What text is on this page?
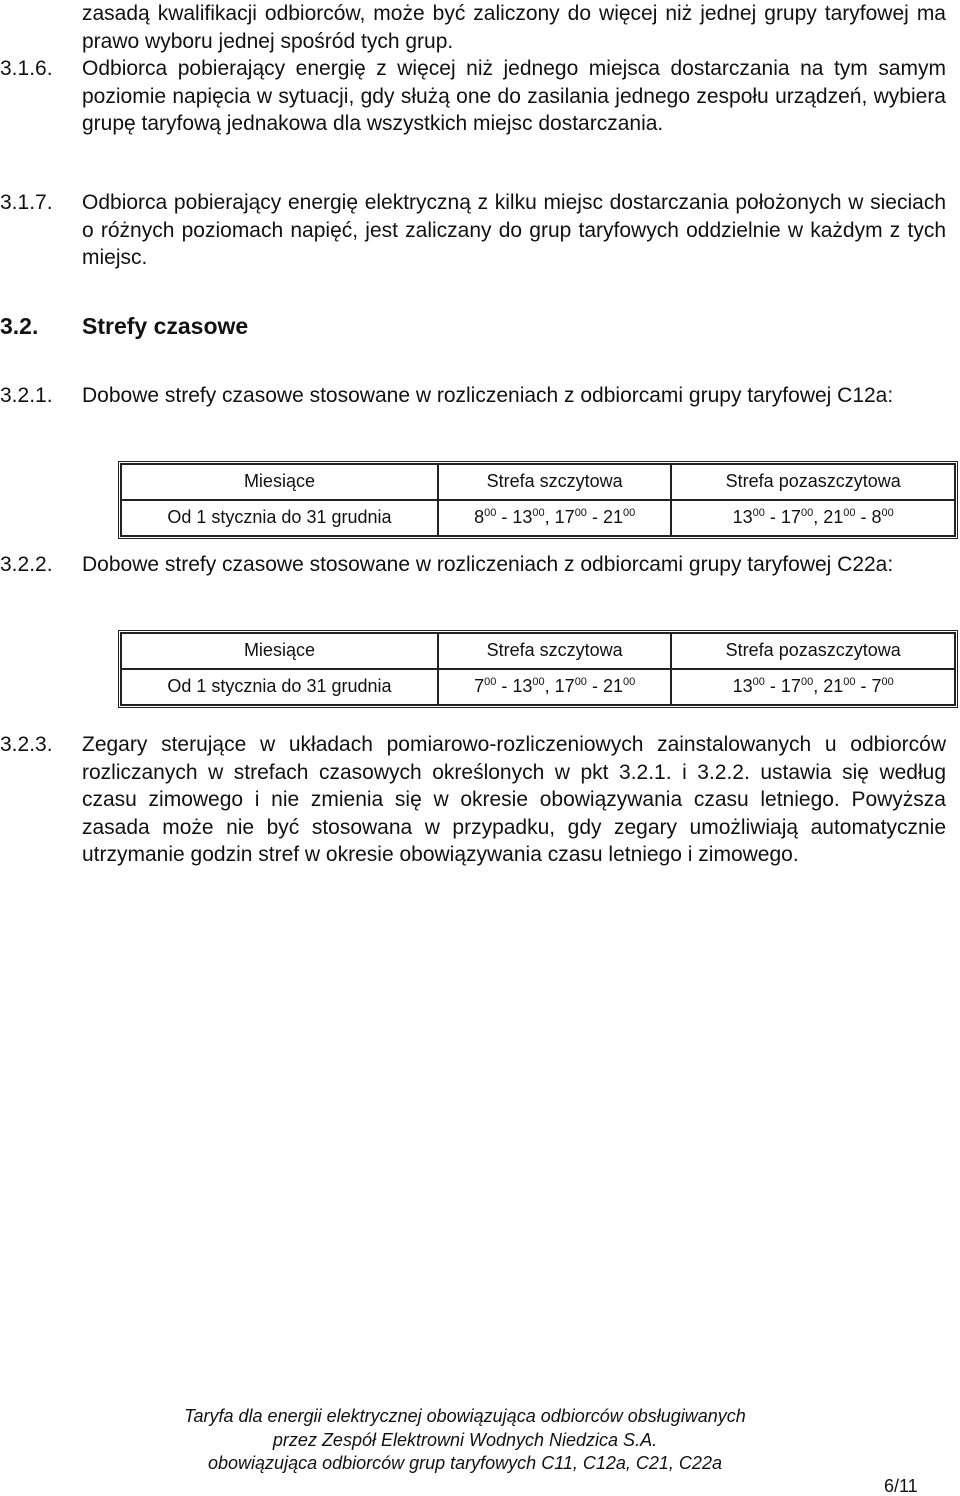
zasadą kwalifikacji odbiorców, może być zaliczony do więcej niż jednej grupy taryfowej ma prawo wyboru jednej spośród tych grup.
3.1.6.	Odbiorca pobierający energię z więcej niż jednego miejsca dostarczania na tym samym poziomie napięcia w sytuacji, gdy służą one do zasilania jednego zespołu urządzeń, wybiera grupę taryfową jednakowa dla wszystkich miejsc dostarczania.
3.1.7.	Odbiorca pobierający energię elektryczną z kilku miejsc dostarczania położonych w sieciach o różnych poziomach napięć, jest zaliczany do grup taryfowych oddzielnie w każdym z tych miejsc.
3.2.	Strefy czasowe
3.2.1.	Dobowe strefy czasowe stosowane w rozliczeniach z odbiorcami grupy taryfowej C12a:
Miesiące	Strefa szczytowa	Strefa pozaszczytowa
Od 1 stycznia do 31 grudnia	$8^{00} - 13^{00}$, $17^{00} - 21^{00}$	$13^{00} - 17^{00}$, $21^{00} - 8^{00}$
3.2.2.	Dobowe strefy czasowe stosowane w rozliczeniach z odbiorcami grupy taryfowej C22a:
Miesiące	Strefa szczytowa	Strefa pozaszczytowa
Od 1 stycznia do 31 grudnia	$7^{00} - 13^{00}$, $17^{00} - 21^{00}$	$13^{00} - 17^{00}$, $21^{00} - 7^{00}$
3.2.3.	Zegary sterujące w układach pomiarowo-rozliczeniowych zainstalowanych u odbiorców rozliczanych w strefach czasowych określonych w pkt 3.2.1. i 3.2.2. ustawia się według czasu zimowego i nie zmienia się w okresie obowiązywania czasu letniego. Powyższa zasada może nie być stosowana w przypadku, gdy zegary umożliwiają automatycznie utrzymanie godzin stref w okresie obowiązywania czasu letniego i zimowego.
Taryfa dla energii elektrycznej obowiązująca odbiorców obsługiwanych
przez Zespół Elektrowni Wodnych Niedzica S.A.
obowiązująca odbiorców grup taryfowych C11, C12a, C21, C22a
6/11
